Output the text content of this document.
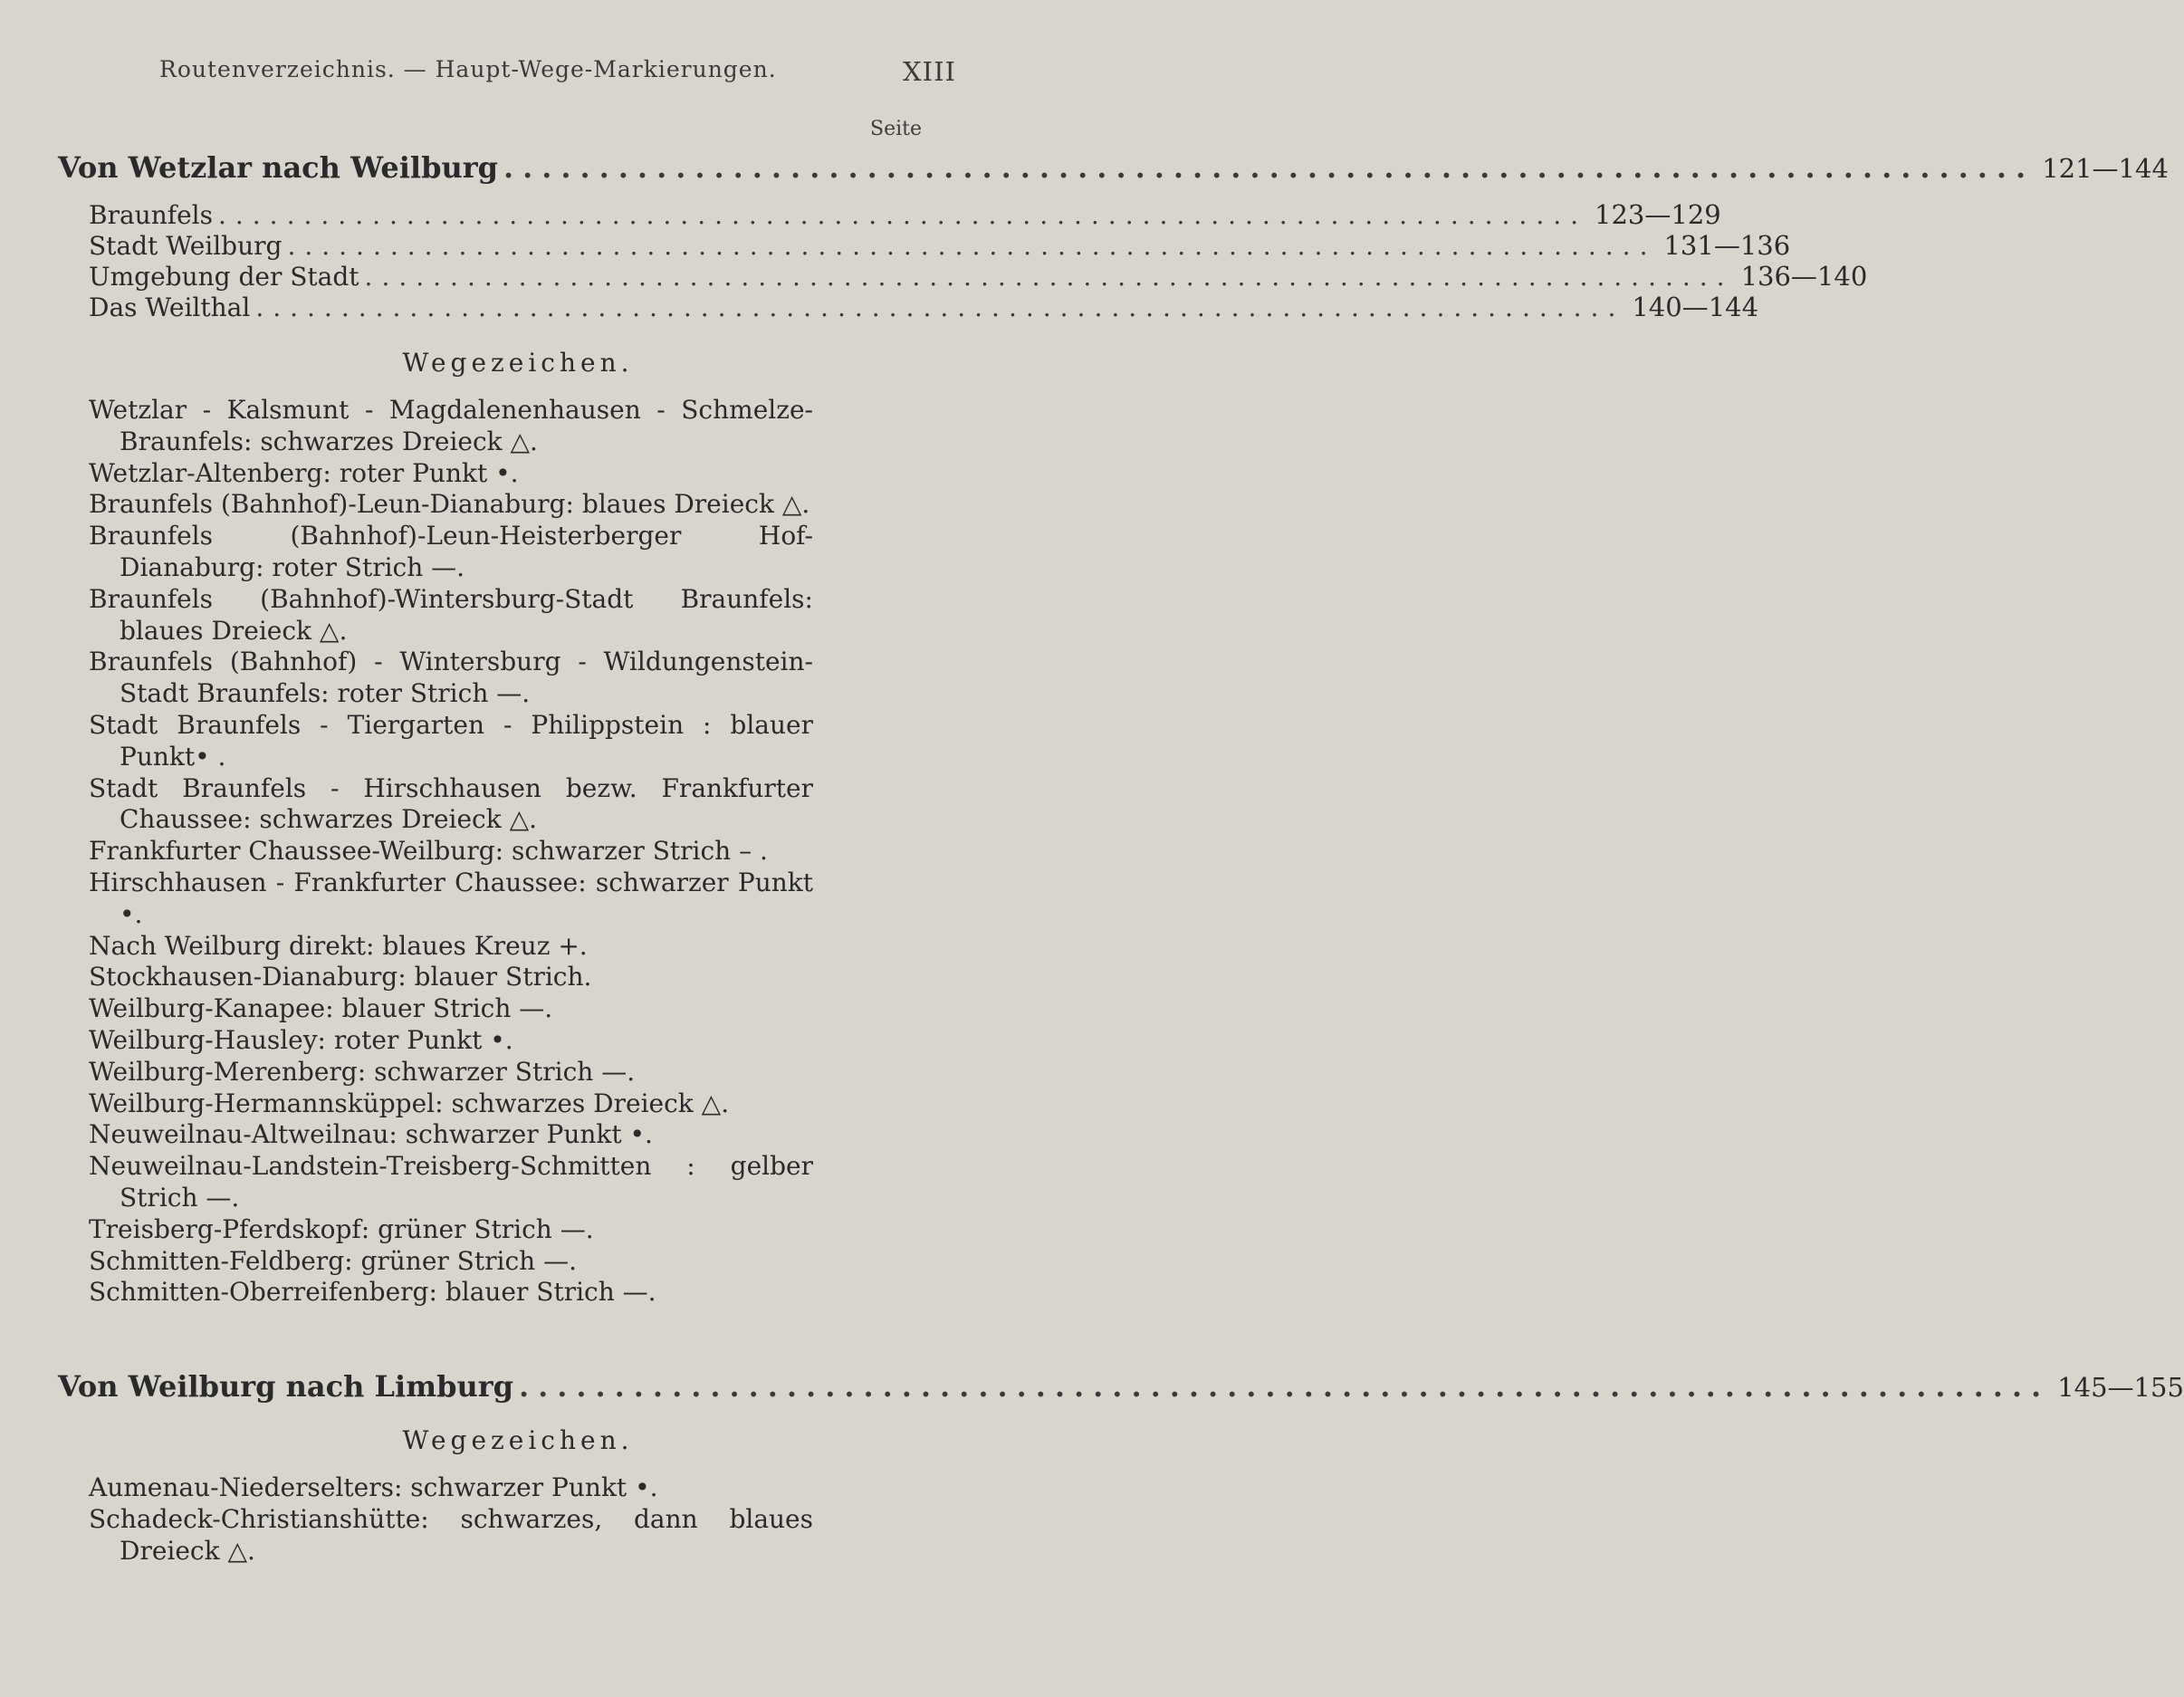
Routenverzeichnis. — Haupt-Wege-Markierungen.	XIII
Seite
Von Wetzlar nach Weilburg ................................................................................ 121—144
Braunfels ................................................................................ 123—129
Stadt Weilburg ................................................................................ 131—136
Umgebung der Stadt ................................................................................ 136—140
Das Weilthal ................................................................................ 140—144
Wegezeichen.
Wetzlar - Kalsmunt - Magdalenenhausen - Schmelze-Braunfels: schwarzes Dreieck △.
Wetzlar-Altenberg: roter Punkt •.
Braunfels (Bahnhof)-Leun-Dianaburg: blaues Dreieck △.
Braunfels (Bahnhof)-Leun-Heisterberger Hof-Dianaburg: roter Strich —.
Braunfels (Bahnhof)-Wintersburg-Stadt Braunfels: blaues Dreieck △.
Braunfels (Bahnhof) - Wintersburg - Wildungenstein-Stadt Braunfels: roter Strich —.
Stadt Braunfels - Tiergarten - Philippstein : blauer Punkt• .
Stadt Braunfels - Hirschhausen bezw. Frankfurter Chaussee: schwarzes Dreieck △.
Frankfurter Chaussee-Weilburg: schwarzer Strich – .
Hirschhausen - Frankfurter Chaussee: schwarzer Punkt •.
Nach Weilburg direkt: blaues Kreuz +.
Stockhausen-Dianaburg: blauer Strich.
Weilburg-Kanapee: blauer Strich —.
Weilburg-Hausley: roter Punkt •.
Weilburg-Merenberg: schwarzer Strich —.
Weilburg-Hermannsküppel: schwarzes Dreieck △.
Neuweilnau-Altweilnau: schwarzer Punkt •.
Neuweilnau-Landstein-Treisberg-Schmitten : gelber Strich —.
Treisberg-Pferdskopf: grüner Strich —.
Schmitten-Feldberg: grüner Strich —.
Schmitten-Oberreifenberg: blauer Strich —.
Von Weilburg nach Limburg ................................................................................ 145—155
Wegezeichen.
Aumenau-Niederselters: schwarzer Punkt •.
Schadeck-Christianshütte: schwarzes, dann blaues Dreieck △.
